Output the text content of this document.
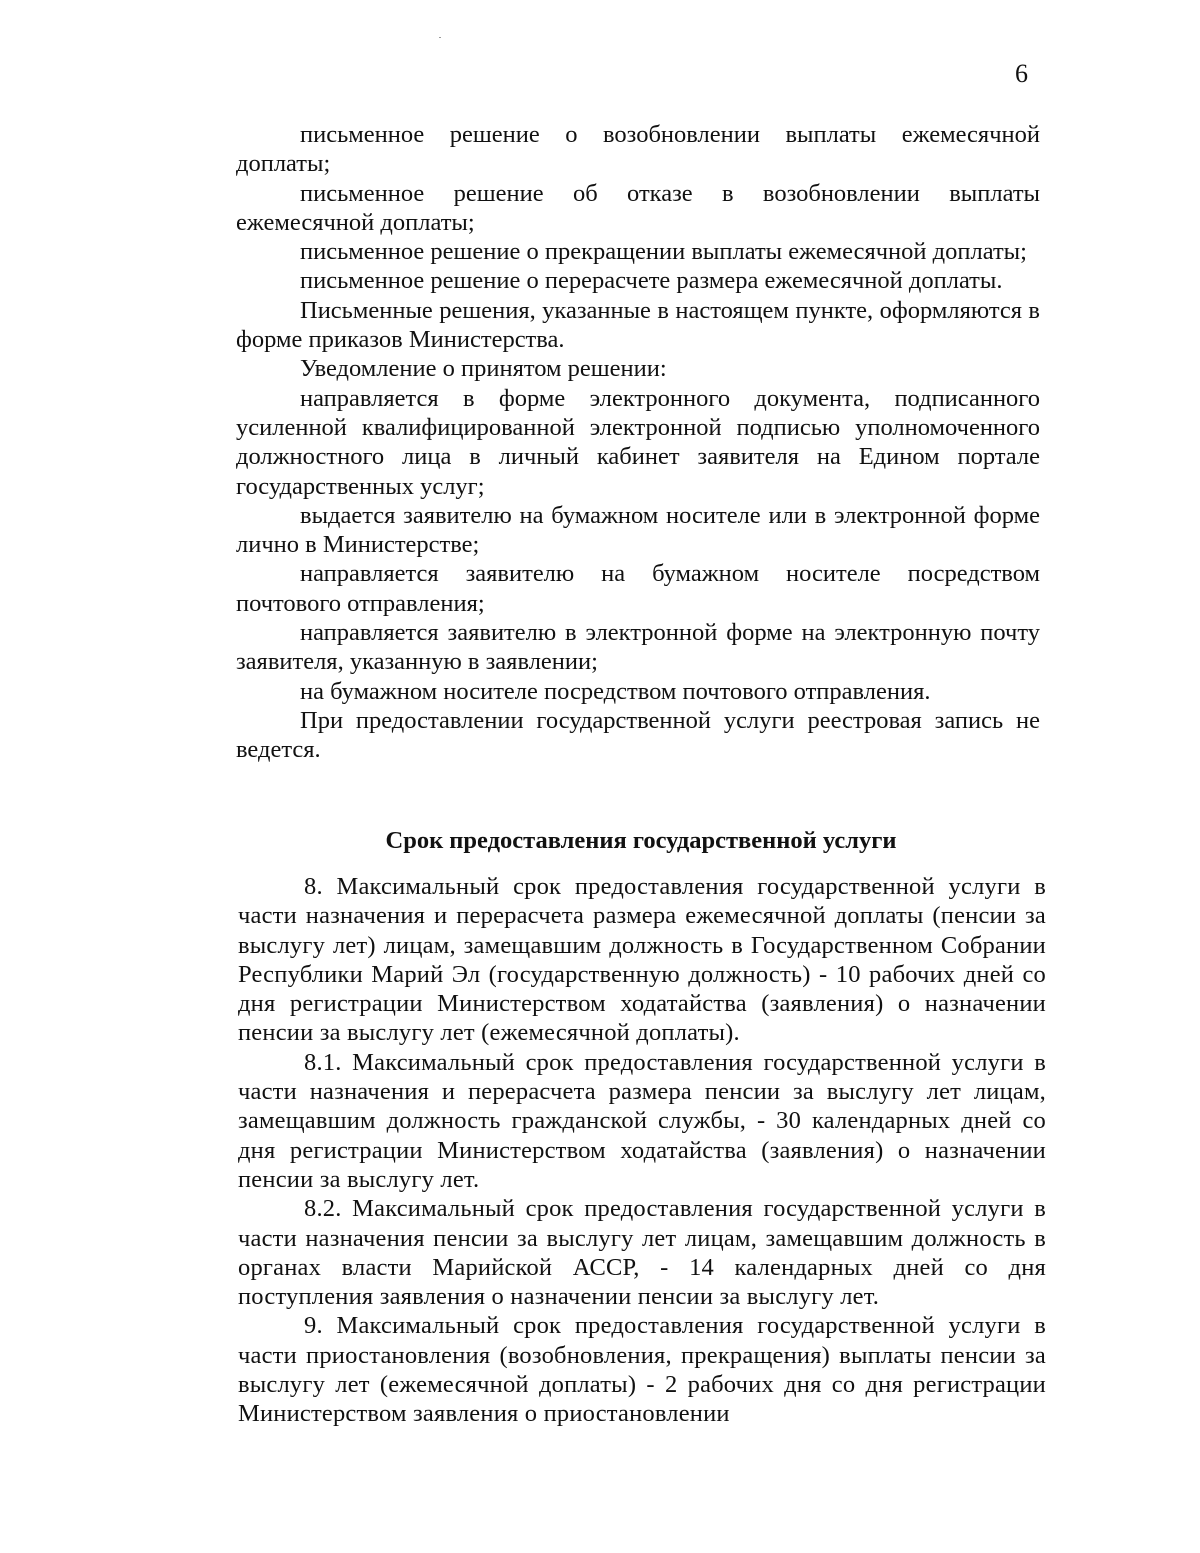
6

письменное решение о возобновлении выплаты ежемесячной доплаты;

письменное решение об отказе в возобновлении выплаты ежемесячной доплаты;

письменное решение о прекращении выплаты ежемесячной доплаты;

письменное решение о перерасчете размера ежемесячной доплаты.

Письменные решения, указанные в настоящем пункте, оформляются в форме приказов Министерства.

Уведомление о принятом решении:

направляется в форме электронного документа, подписанного усиленной квалифицированной электронной подписью уполномоченного должностного лица в личный кабинет заявителя на Едином портале государственных услуг;

выдается заявителю на бумажном носителе или в электронной форме лично в Министерстве;

направляется заявителю на бумажном носителе посредством почтового отправления;

направляется заявителю в электронной форме на электронную почту заявителя, указанную в заявлении;

на бумажном носителе посредством почтового отправления.

При предоставлении государственной услуги реестровая запись не ведется.

Срок предоставления государственной услуги

8. Максимальный срок предоставления государственной услуги в части назначения и перерасчета размера ежемесячной доплаты (пенсии за выслугу лет) лицам, замещавшим должность в Государственном Собрании Республики Марий Эл (государственную должность) - 10 рабочих дней со дня регистрации Министерством ходатайства (заявления) о назначении пенсии за выслугу лет (ежемесячной доплаты).

8.1. Максимальный срок предоставления государственной услуги в части назначения и перерасчета размера пенсии за выслугу лет лицам, замещавшим должность гражданской службы, - 30 календарных дней со дня регистрации Министерством ходатайства (заявления) о назначении пенсии за выслугу лет.

8.2. Максимальный срок предоставления государственной услуги в части назначения пенсии за выслугу лет лицам, замещавшим должность в органах власти Марийской АССР, - 14 календарных дней со дня поступления заявления о назначении пенсии за выслугу лет.

9. Максимальный срок предоставления государственной услуги в части приостановления (возобновления, прекращения) выплаты пенсии за выслугу лет (ежемесячной доплаты) - 2 рабочих дня со дня регистрации Министерством заявления о приостановлении
